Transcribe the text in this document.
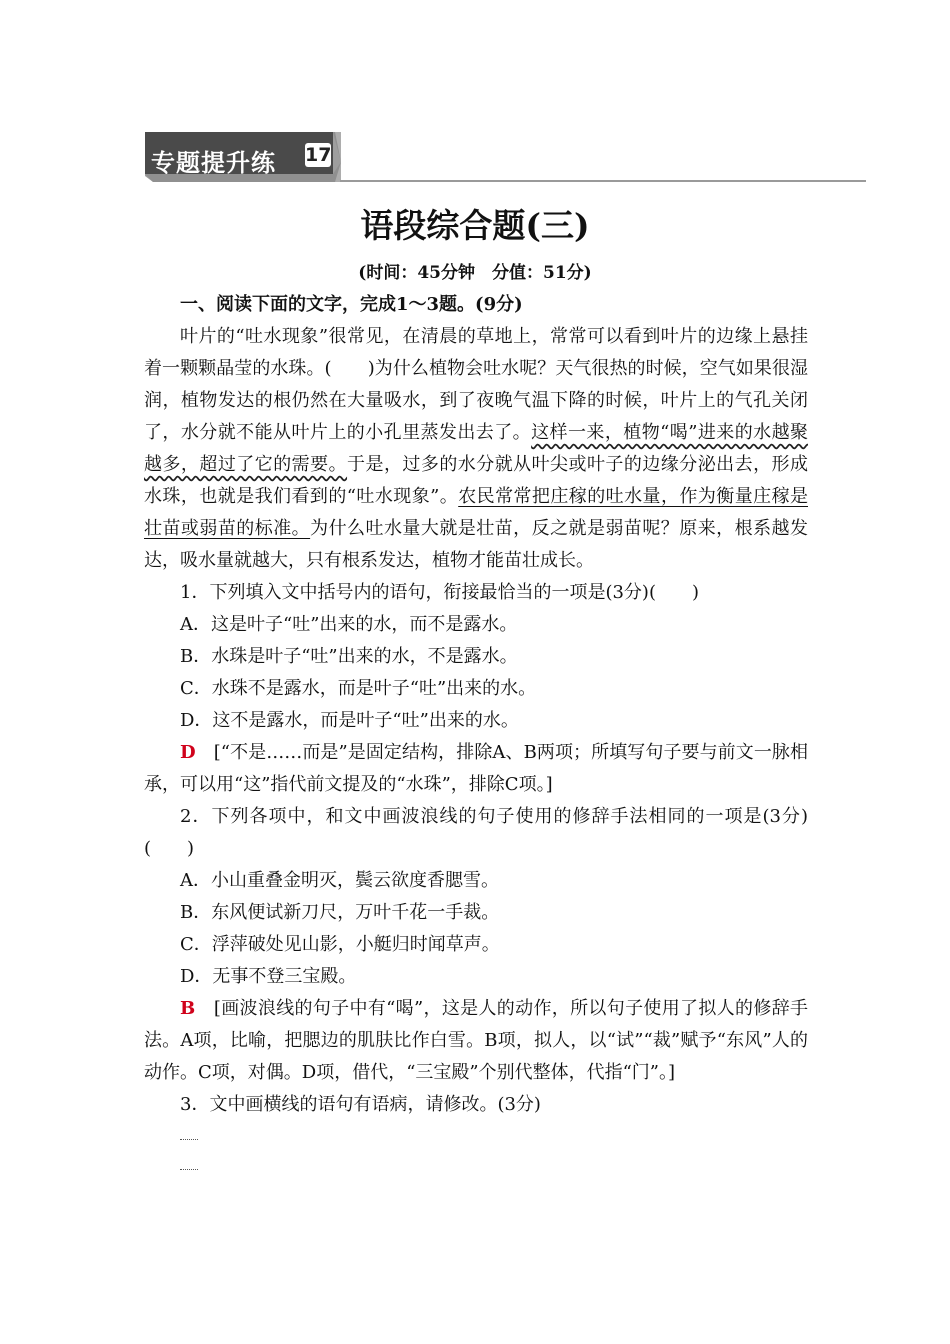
专题提升练 17
语段综合题(三)
(时间：45分钟　分值：51分)

一、阅读下面的文字，完成1～3题。(9分)

叶片的“吐水现象”很常见，在清晨的草地上，常常可以看到叶片的边缘上悬挂着一颗颗晶莹的水珠。(　　)为什么植物会吐水呢？天气很热的时候，空气如果很湿润，植物发达的根仍然在大量吸水，到了夜晚气温下降的时候，叶片上的气孔关闭了，水分就不能从叶片上的小孔里蒸发出去了。这样一来，植物“喝”进来的水越聚越多，超过了它的需要。于是，过多的水分就从叶尖或叶子的边缘分泌出去，形成水珠，也就是我们看到的“吐水现象”。农民常常把庄稼的吐水量，作为衡量庄稼是壮苗或弱苗的标准。为什么吐水量大就是壮苗，反之就是弱苗呢？原来，根系越发达，吸水量就越大，只有根系发达，植物才能苗壮成长。

1．下列填入文中括号内的语句，衔接最恰当的一项是(3分)(　　)

A．这是叶子“吐”出来的水，而不是露水。

B．水珠是叶子“吐”出来的水，不是露水。

C．水珠不是露水，而是叶子“吐”出来的水。

D．这不是露水，而是叶子“吐”出来的水。

D　 [“不是……而是”是固定结构，排除A、B两项；所填写句子要与前文一脉相承，可以用“这”指代前文提及的“水珠”，排除C项。]

2．下列各项中，和文中画波浪线的句子使用的修辞手法相同的一项是(3分)(　　)

A．小山重叠金明灭，鬓云欲度香腮雪。

B．东风便试新刀尺，万叶千花一手裁。

C．浮萍破处见山影，小艇归时闻草声。

D．无事不登三宝殿。

B　 [画波浪线的句子中有“喝”，这是人的动作，所以句子使用了拟人的修辞手法。A项，比喻，把腮边的肌肤比作白雪。B项，拟人，以“试”“裁”赋予“东风”人的动作。C项，对偶。D项，借代，“三宝殿”个别代整体，代指“门”。]

3．文中画横线的语句有语病，请修改。(3分)
